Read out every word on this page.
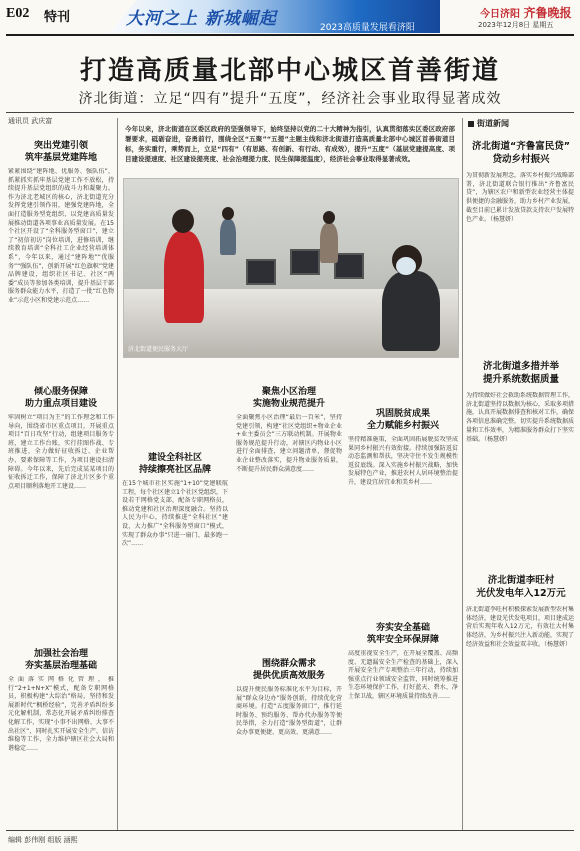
E02 特刊	大河之上 新城崛起	2023高质量发展看济阳
今日济阳 齐鲁晚报
2023年12月8日 星期五
打造高质量北部中心城区首善街道
济北街道：立足“四有”提升“五度”，经济社会事业取得显著成效
通讯员 武庆富
今年以来，济北街道在区委区政府的坚强领导下，始终坚持以党的二十大精神为指引，认真贯彻落实区委区政府部署要求，砥砺奋进，奋勇前行，围绕全区“五聚”“五提”主题主线和济北街道打造高质量北部中心城区首善街道目标，务实重行，乘势而上，立足“四有”（有思路、有创新、有行动、有成效），提升“五度”（基层党建提高度、项目建设提速度、社区建设提亮度、社会治理提力度、民生保障提温度），经济社会事业取得显著成效。
济北街道便民服务大厅
突出党建引领
筑牢基层党建阵地
紧紧围绕“建阵地、优服务、强队伍”，抓紧抓实抓牢基层党建工作不放松，持续提升基层党组织的战斗力和凝聚力。作为济北老城区的核心，济北街道充分发挥党建引领作用，建强党建阵地，全面打造服务型党组织，以党建高质量发展推动街道各项事业高质量发展。在15个社区开设了“全科服务型窗口”，建立了“初信初访”岗位培训，进修培训，继续教育培训“全科社工企业经营培训体系”，今年以来，通过“建阵地”“优服务”“强队伍”，创新开展“红色旗帜”党建品牌建设，组织社区书记、社区“两委”成员等参加各类培训，提升基层干部服务群众能力水平，打造了一批“红色物业”示范小区和党建示范点……
倾心服务保障
助力重点项目建设
牢固树立“项目为王”的工作理念和工作导向，围绕省市区重点项目，开展重点项目“百日攻坚”行动，组建项目服务专班，建立工作台账，实行挂图作战、专班推进，全力做好征收拆迁、企业帮办、要素保障等工作，为项目建设扫清障碍。今年以来，先后完成某某项目的征收拆迁工作，保障了济北片区多个重点项目顺利落地开工建设……
加强社会治理
夯实基层治理基础
全面落实网格化管理，推行“2+1+N+X”模式，配备专职网格员，积极构建“大综治”格局，坚持和发展新时代“枫桥经验”，完善矛盾纠纷多元化解机制，常态化开展矛盾纠纷排查化解工作，实现“小事不出网格、大事不出社区”，同时扎实开展安全生产、信访维稳等工作，全力维护辖区社会大局和谐稳定……
建设全科社区
持续擦亮社区品牌
在15个城市社区实施“1+10”党建联航工程，每个社区建立1个社区党组织，下设若干网格党支部，配备专职网格员，推动党建和社区治理深度融合。坚持以人民为中心，持续推进“全科社区”建设，大力推广“全科服务型窗口”模式，实现了群众办事“只进一扇门、最多跑一次”……
聚焦小区治理
实施物业规范提升
全面聚焦小区治理“最后一百米”，坚持党建引领，构建“社区党组织+物业企业+业主委员会”三方联动机制。开展物业服务规范提升行动，对辖区内物业小区进行全面排查，建立问题清单，督促物业企业整改落实，提升物业服务质量，不断提升居民群众满意度……
围绕群众需求
提供优质高效服务
以提升便民服务标准化水平为目标，开展“群众身边办”服务创新，持续优化营商环境。打造“五度服务窗口”，推行延时服务、预约服务、帮办代办服务等便民举措，全力打造“服务型街道”，让群众办事更便捷、更高效、更满意……
巩固脱贫成果
全力赋能乡村振兴
坚持精准施策，全面巩固拓展脱贫攻坚成果同乡村振兴有效衔接。持续加强防返贫动态监测和帮扶，坚决守住不发生规模性返贫底线。深入实施乡村振兴战略，加快发展特色产业，推进农村人居环境整治提升，建设宜居宜业和美乡村……
夯实安全基础
筑牢安全环保屏障
高度重视安全生产，在开展全覆盖、高频度、无遗漏安全生产检查的基础上，深入开展安全生产专项整治三年行动，持续加强重点行业领域安全监管，同时统筹推进生态环境保护工作，打好蓝天、碧水、净土保卫战，辖区环境质量持续改善……
街道新闻
济北街道“齐鲁富民贷”
贷动乡村振兴
为贯彻新发展理念，落实乡村振兴战略部署，济北街道联合银行推出“齐鲁富民贷”，为辖区农户和新型农业经营主体提供便捷的金融服务，助力乡村产业发展，截至目前已累计发放贷款支持农户发展特色产业。（杨慧妍）
济北街道多措并举
提升系统数据质量
为持续做好社会救助系统数据管理工作，济北街道坚持以数据为核心，采取多项措施，认真开展数据排查和核对工作，确保各项信息准确完整，切实提升系统数据质量和工作效率，为精准服务群众打下坚实基础。（杨慧妍）
济北街道李旺村
光伏发电年入12万元
济北街道李旺村积极探索发展新型农村集体经济，建设光伏发电项目，项目建成运营后实现年收入12万元，有效壮大村集体经济，为乡村振兴注入新动能，实现了经济效益和社会效益双丰收。（杨慧妍）
编辑 彭伟刚 组版 涵熙
